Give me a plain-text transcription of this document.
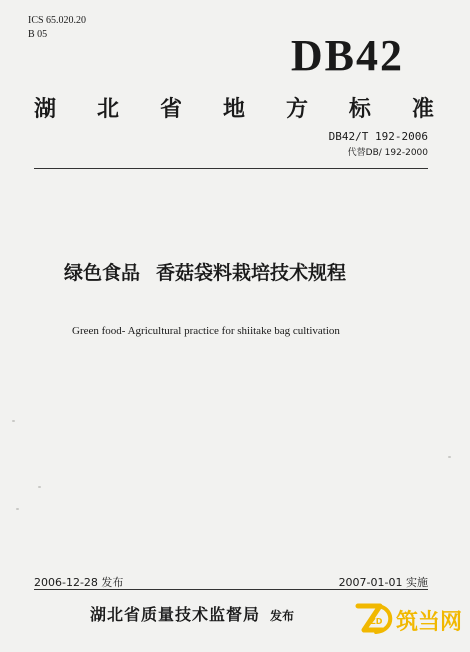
ICS 65.020.20
B 05	DB42
湖 北 省 地 方 标 准
DB42/T 192-2006
代替DB/ 192-2000
绿色食品 香菇袋料栽培技术规程
Green food- Agricultural practice for shiitake bag cultivation
2006-12-28 发布	2007-01-01 实施
湖北省质量技术监督局 发布	ZD 筑当网
